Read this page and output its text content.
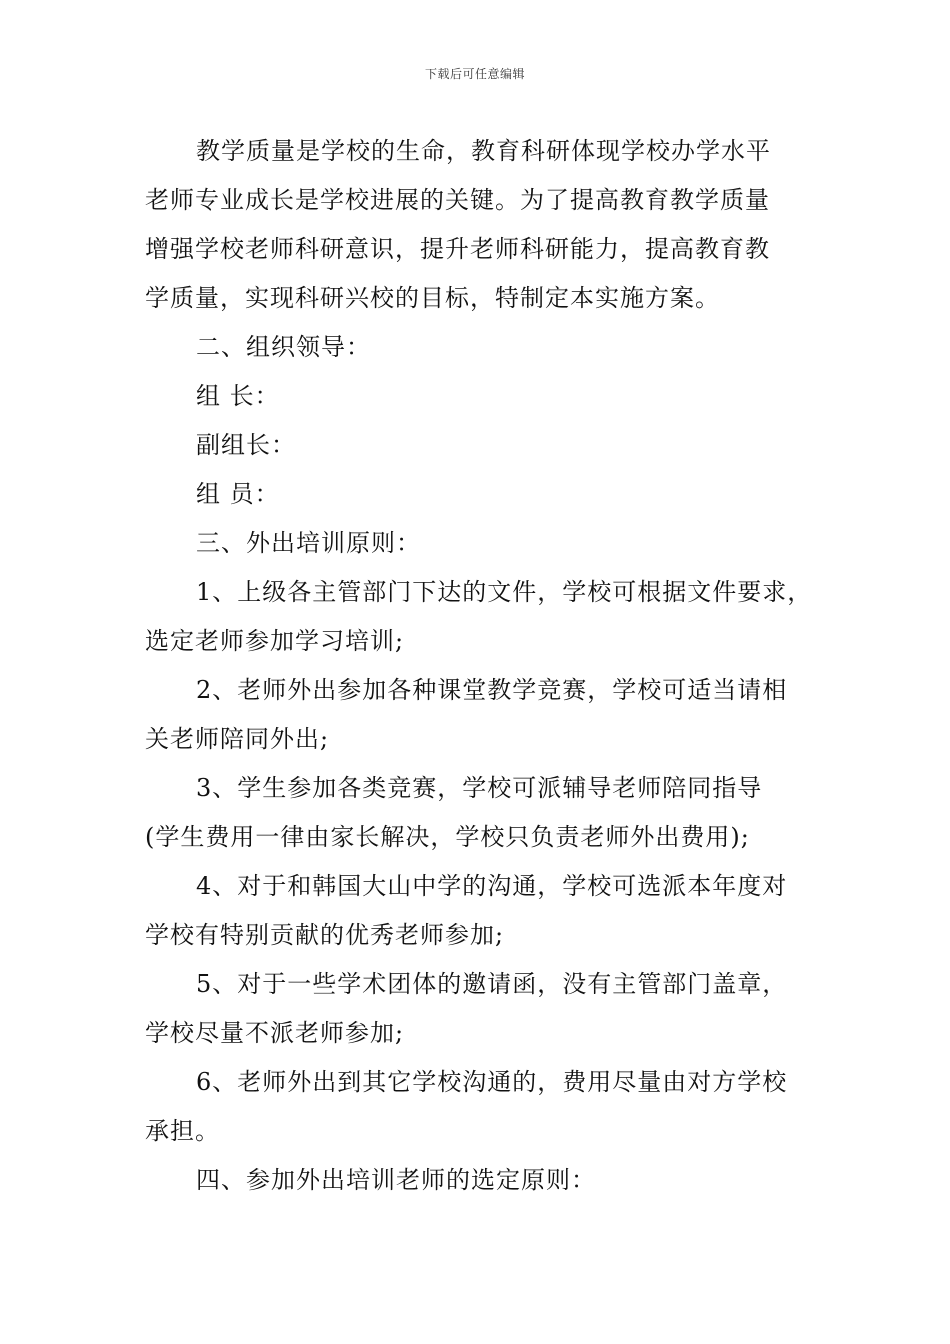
下载后可任意编辑
教学质量是学校的生命，教育科研体现学校办学水平
老师专业成长是学校进展的关键。为了提高教育教学质量
增强学校老师科研意识，提升老师科研能力，提高教育教
学质量，实现科研兴校的目标，特制定本实施方案。
二、组织领导：
组 长：
副组长：
组 员：
三、外出培训原则：
1、上级各主管部门下达的文件，学校可根据文件要求，
选定老师参加学习培训;
2、老师外出参加各种课堂教学竞赛，学校可适当请相
关老师陪同外出;
3、学生参加各类竞赛，学校可派辅导老师陪同指导
(学生费用一律由家长解决，学校只负责老师外出费用);
4、对于和韩国大山中学的沟通，学校可选派本年度对
学校有特别贡献的优秀老师参加;
5、对于一些学术团体的邀请函，没有主管部门盖章，
学校尽量不派老师参加;
6、老师外出到其它学校沟通的，费用尽量由对方学校
承担。
四、参加外出培训老师的选定原则：
